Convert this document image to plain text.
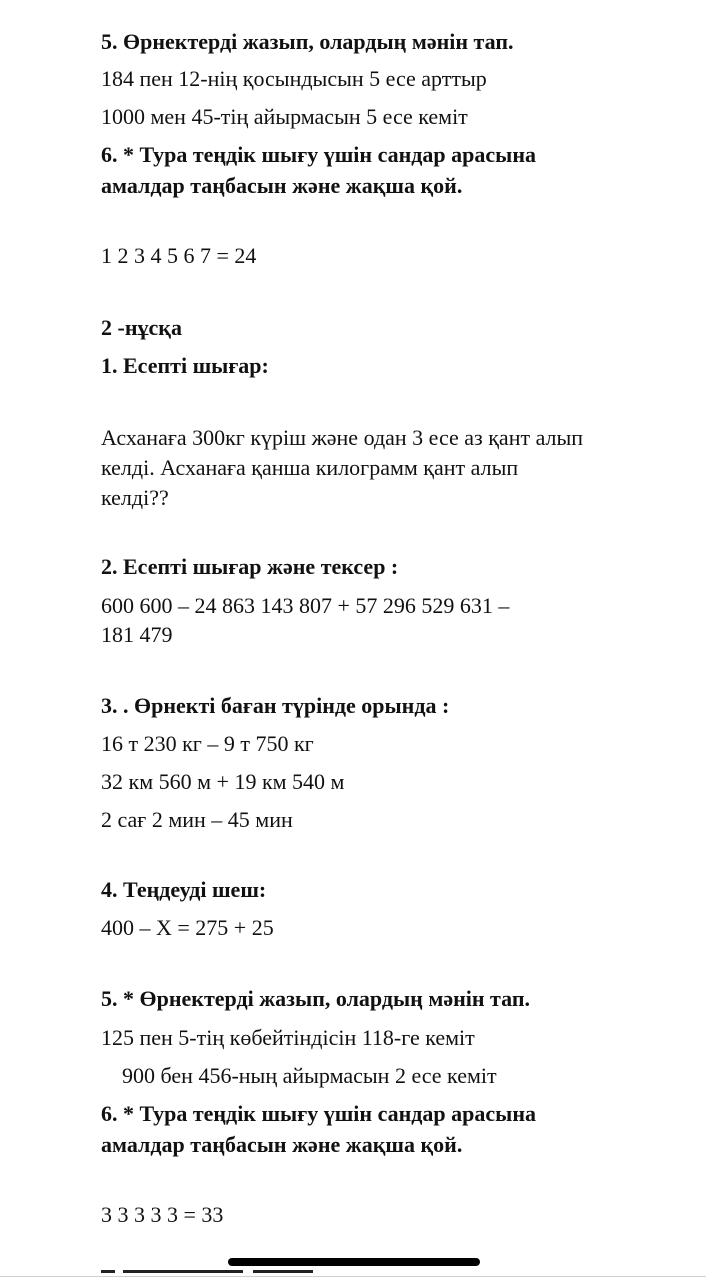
5. Өрнектерді жазып, олардың мәнін тап.
184 пен 12-нің қосындысын 5 есе арттыр
1000 мен 45-тің айырмасын 5 есе кеміт
6. * Тура теңдік шығу үшін сандар арасына
амалдар таңбасын және жақша қой.
1 2 3 4 5 6 7 = 24
2 -нұсқа
1. Есепті шығар:
Асханаға 300кг күріш және одан 3 есе аз қант алып
келді. Асханаға қанша килограмм қант алып
келді??
2. Есепті шығар және тексер :
600 600 – 24 863 143 807 + 57 296 529 631 –
181 479
3. . Өрнекті баған түрінде орында :
16 т 230 кг – 9 т 750 кг
32 км 560 м + 19 км 540 м
2 сағ 2 мин – 45 мин
4. Теңдеуді шеш:
400 – Х = 275 + 25
5. * Өрнектерді жазып, олардың мәнін тап.
125 пен 5-тің көбейтіндісін 118-ге кеміт
900 бен 456-ның айырмасын 2 есе кеміт
6. * Тура теңдік шығу үшін сандар арасына
амалдар таңбасын және жақша қой.
3 3 3 3 3 = 33
